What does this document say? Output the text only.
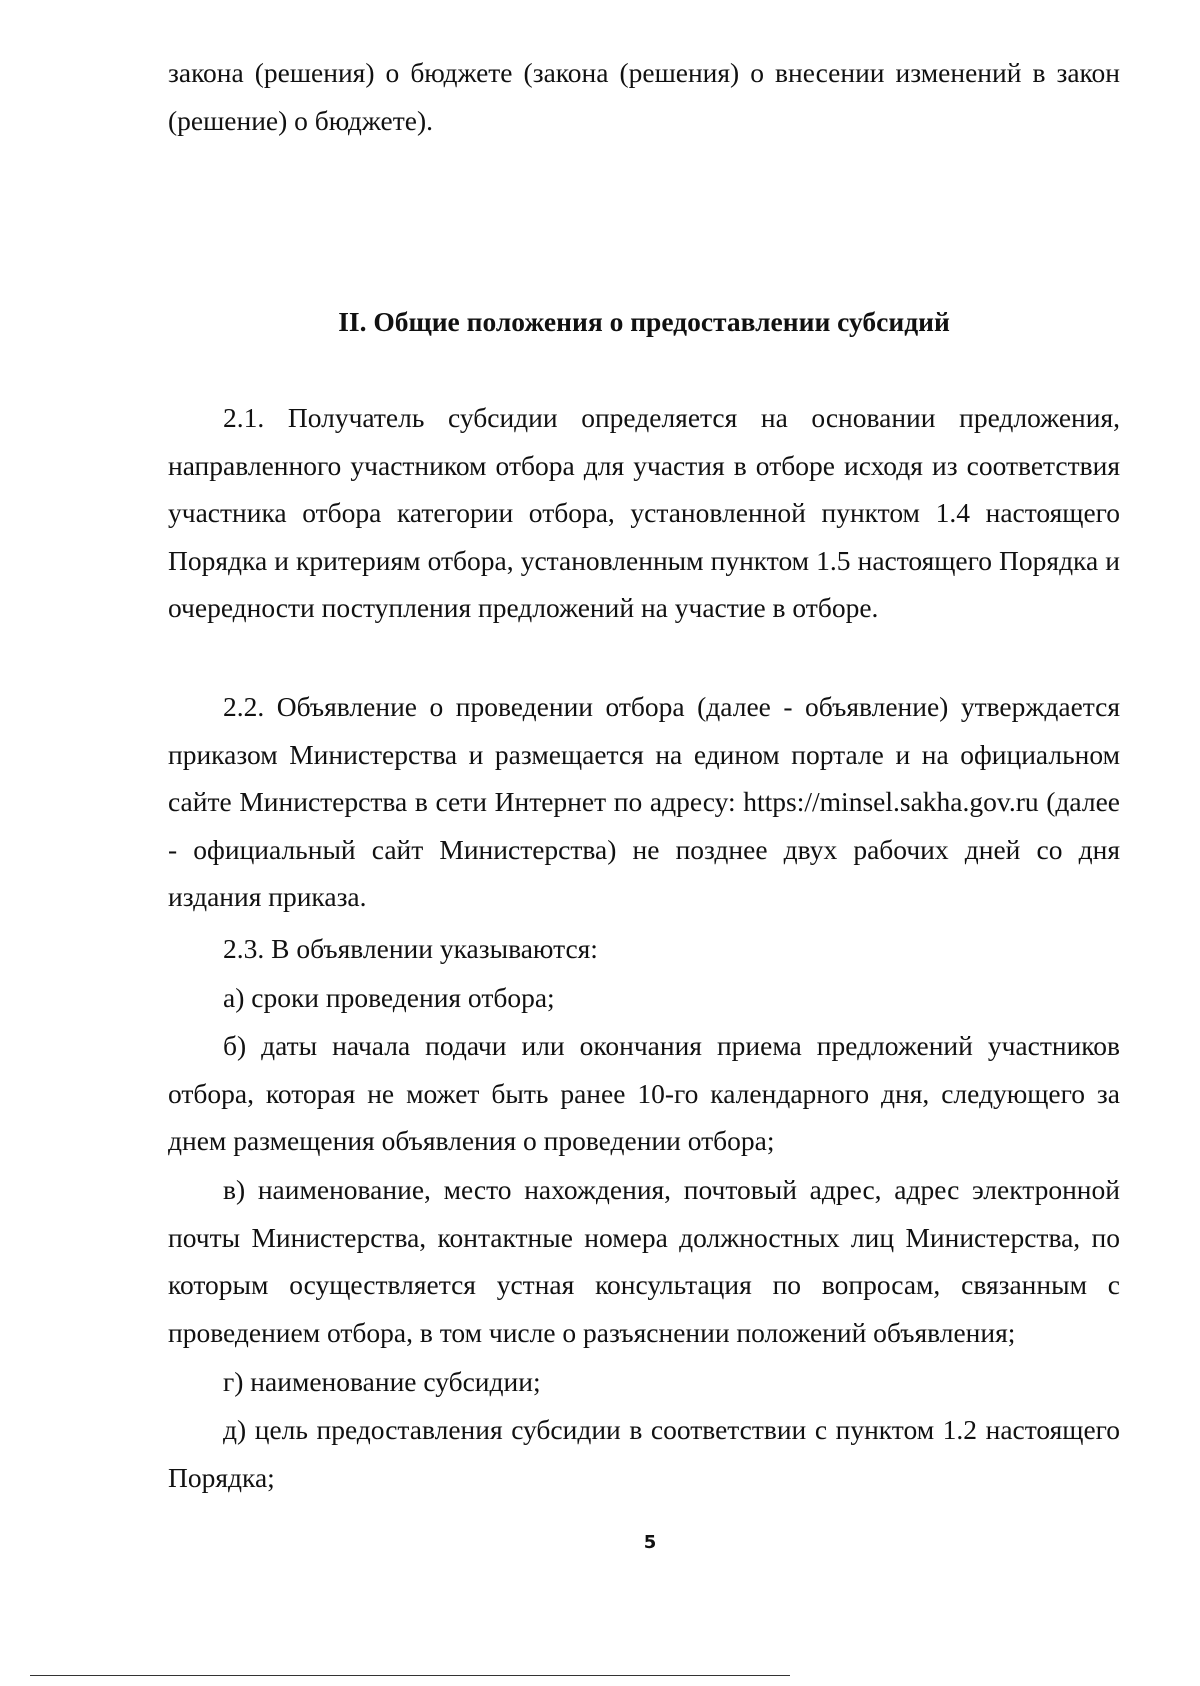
закона (решения) о бюджете (закона (решения) о внесении изменений в закон (решение) о бюджете).

II. Общие положения о предоставлении субсидий

2.1. Получатель субсидии определяется на основании предложения, направленного участником отбора для участия в отборе исходя из соответствия участника отбора категории отбора, установленной пунктом 1.4 настоящего Порядка и критериям отбора, установленным пунктом 1.5 настоящего Порядка и очередности поступления предложений на участие в отборе.

2.2. Объявление о проведении отбора (далее - объявление) утверждается приказом Министерства и размещается на едином портале и на официальном сайте Министерства в сети Интернет по адресу: https://minsel.sakha.gov.ru (далее - официальный сайт Министерства) не позднее двух рабочих дней со дня издания приказа.

2.3. В объявлении указываются:

а) сроки проведения отбора;

б) даты начала подачи или окончания приема предложений участников отбора, которая не может быть ранее 10-го календарного дня, следующего за днем размещения объявления о проведении отбора;

в) наименование, место нахождения, почтовый адрес, адрес электронной почты Министерства, контактные номера должностных лиц Министерства, по которым осуществляется устная консультация по вопросам, связанным с проведением отбора, в том числе о разъяснении положений объявления;

г) наименование субсидии;

д) цель предоставления субсидии в соответствии с пунктом 1.2 настоящего Порядка;

5
